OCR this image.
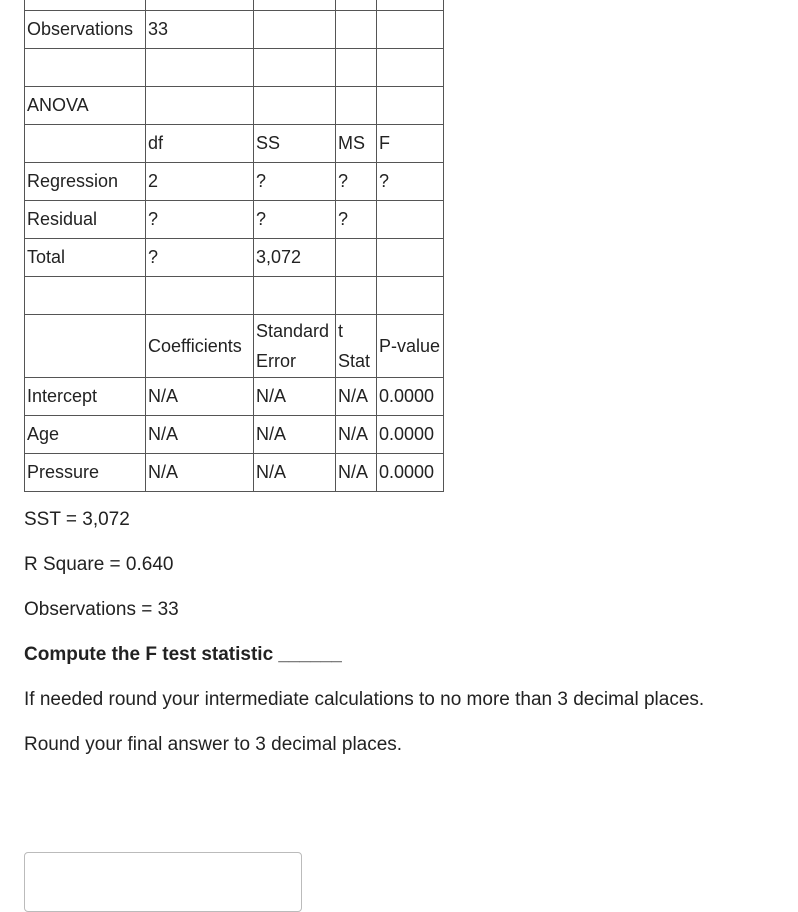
Observations	33			

ANOVA				
	df	SS	MS	F
Regression	2	?	?	?
Residual	?	?	?	
Total	?	3,072		

	Coefficients	Standard Error	t Stat	P-value
Intercept	N/A	N/A	N/A	0.0000
Age	N/A	N/A	N/A	0.0000
Pressure	N/A	N/A	N/A	0.0000

SST = 3,072

R Square = 0.640

Observations = 33

Compute the F test statistic ______

If needed round your intermediate calculations to no more than 3 decimal places.

Round your final answer to 3 decimal places.
